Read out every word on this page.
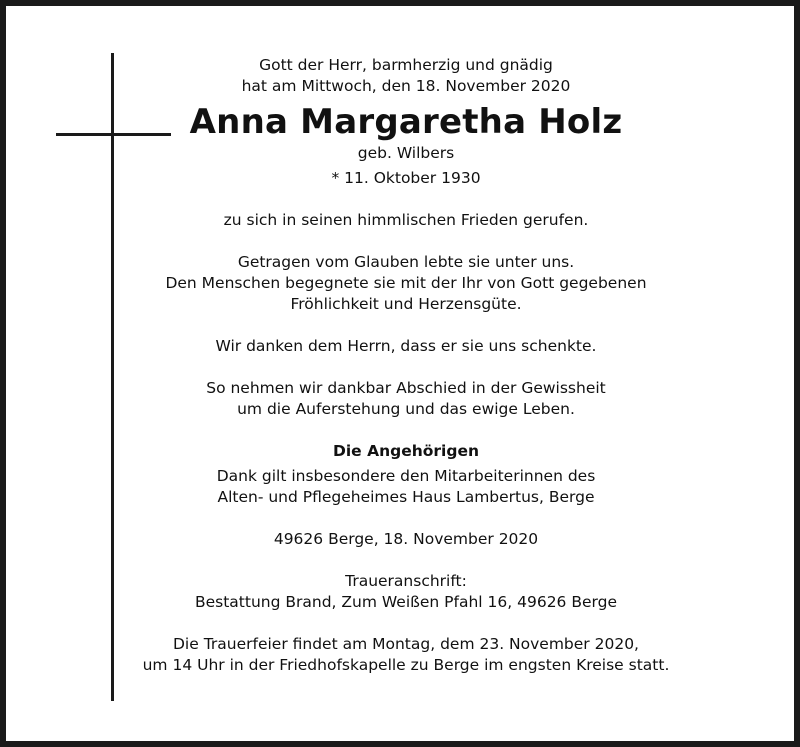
Gott der Herr, barmherzig und gnädig
hat am Mittwoch, den 18. November 2020
Anna Margaretha Holz
geb. Wilbers
* 11. Oktober 1930
zu sich in seinen himmlischen Frieden gerufen.
Getragen vom Glauben lebte sie unter uns.
Den Menschen begegnete sie mit der Ihr von Gott gegebenen
Fröhlichkeit und Herzensgüte.
Wir danken dem Herrn, dass er sie uns schenkte.
So nehmen wir dankbar Abschied in der Gewissheit
um die Auferstehung und das ewige Leben.
Die Angehörigen
Dank gilt insbesondere den Mitarbeiterinnen des
Alten- und Pflegeheimes Haus Lambertus, Berge
49626 Berge, 18. November 2020
Traueranschrift:
Bestattung Brand, Zum Weißen Pfahl 16, 49626 Berge
Die Trauerfeier findet am Montag, dem 23. November 2020,
um 14 Uhr in der Friedhofskapelle zu Berge im engsten Kreise statt.
